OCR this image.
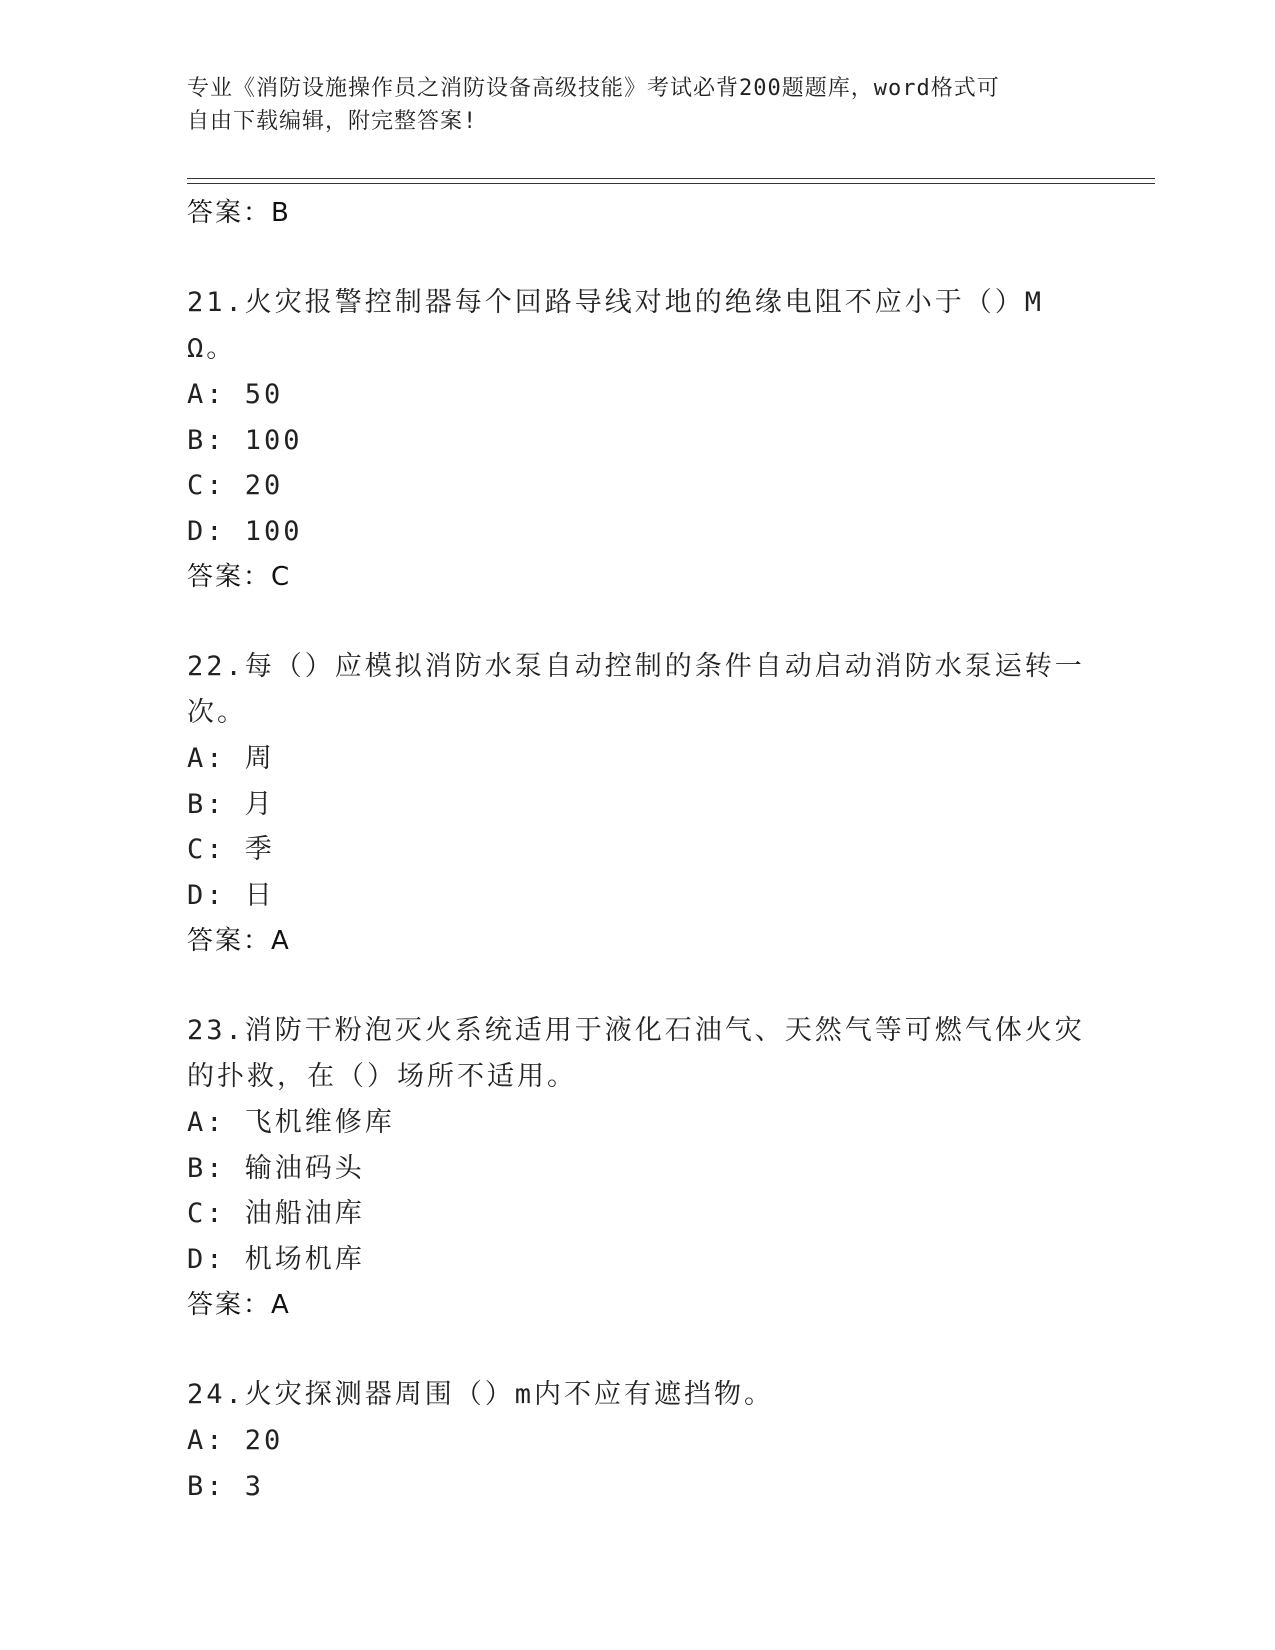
专业《消防设施操作员之消防设备高级技能》考试必背200题题库，word格式可
自由下载编辑，附完整答案!
答案：B
21.火灾报警控制器每个回路导线对地的绝缘电阻不应小于（）MΩ。
A: 50
B: 100
C: 20
D: 100
答案：C
22.每（）应模拟消防水泵自动控制的条件自动启动消防水泵运转一次。
A: 周
B: 月
C: 季
D: 日
答案：A
23.消防干粉泡灭火系统适用于液化石油气、天然气等可燃气体火灾的扑救，在（）场所不适用。
A: 飞机维修库
B: 输油码头
C: 油船油库
D: 机场机库
答案：A
24.火灾探测器周围（）m内不应有遮挡物。
A: 20
B: 3
